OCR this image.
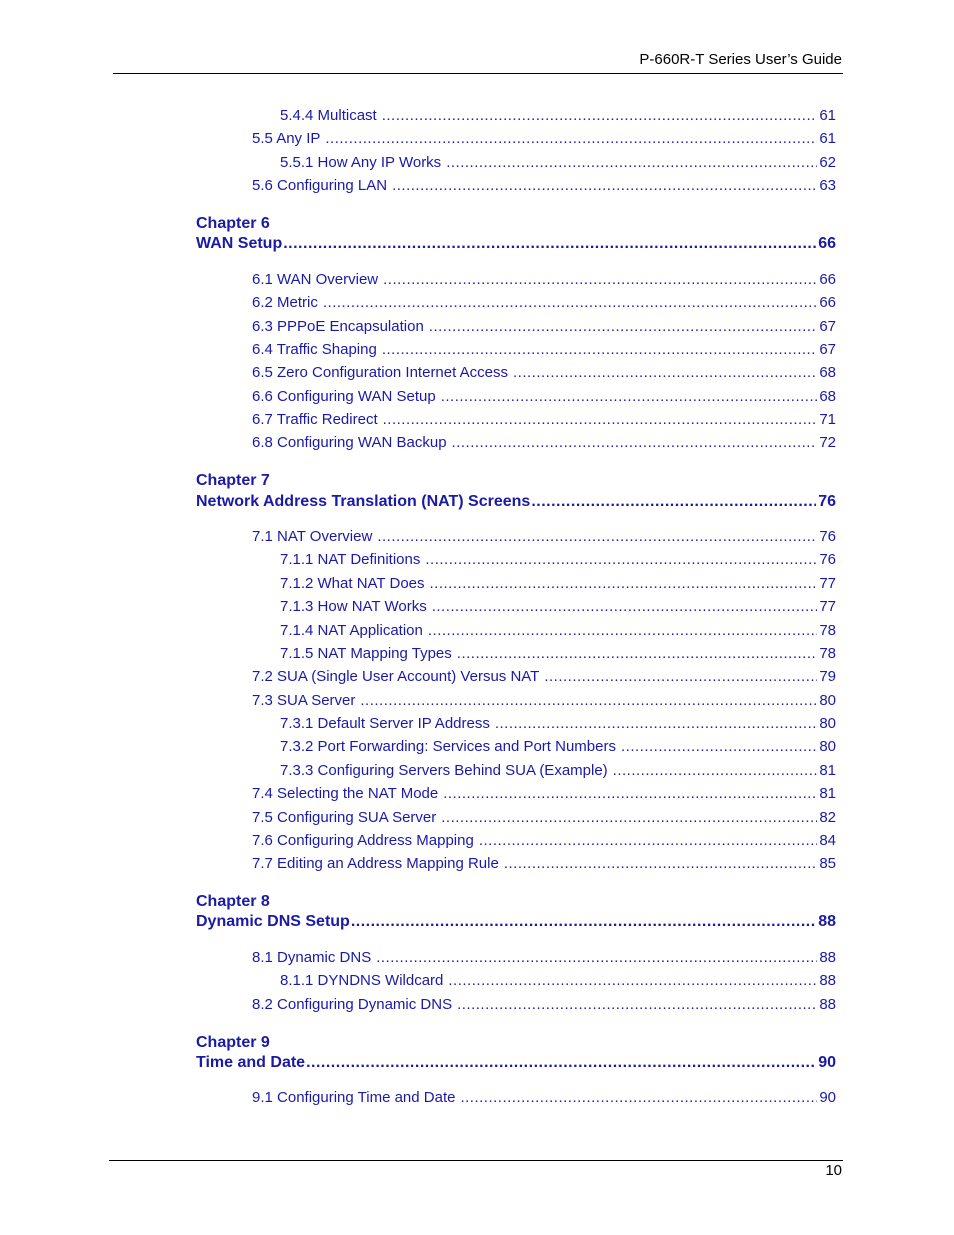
P-660R-T Series User’s Guide
5.4.4 Multicast .....	61
5.5 Any IP .....	61
5.5.1 How Any IP Works .....	62
5.6 Configuring LAN .....	63
Chapter 6
WAN Setup .....	66
6.1 WAN Overview .....	66
6.2 Metric .....	66
6.3 PPPoE Encapsulation .....	67
6.4 Traffic Shaping .....	67
6.5 Zero Configuration Internet Access .....	68
6.6 Configuring WAN Setup .....	68
6.7 Traffic Redirect .....	71
6.8 Configuring WAN Backup .....	72
Chapter 7
Network Address Translation (NAT) Screens .....	76
7.1 NAT Overview .....	76
7.1.1 NAT Definitions .....	76
7.1.2 What NAT Does .....	77
7.1.3 How NAT Works .....	77
7.1.4 NAT Application .....	78
7.1.5 NAT Mapping Types .....	78
7.2 SUA (Single User Account) Versus NAT .....	79
7.3 SUA Server .....	80
7.3.1 Default Server IP Address .....	80
7.3.2 Port Forwarding: Services and Port Numbers .....	80
7.3.3 Configuring Servers Behind SUA (Example) .....	81
7.4 Selecting the NAT Mode .....	81
7.5 Configuring SUA Server .....	82
7.6 Configuring Address Mapping .....	84
7.7 Editing an Address Mapping Rule .....	85
Chapter 8
Dynamic DNS Setup .....	88
8.1 Dynamic DNS .....	88
8.1.1 DYNDNS Wildcard .....	88
8.2 Configuring Dynamic DNS .....	88
Chapter 9
Time and Date .....	90
9.1 Configuring Time and Date .....	90
10
